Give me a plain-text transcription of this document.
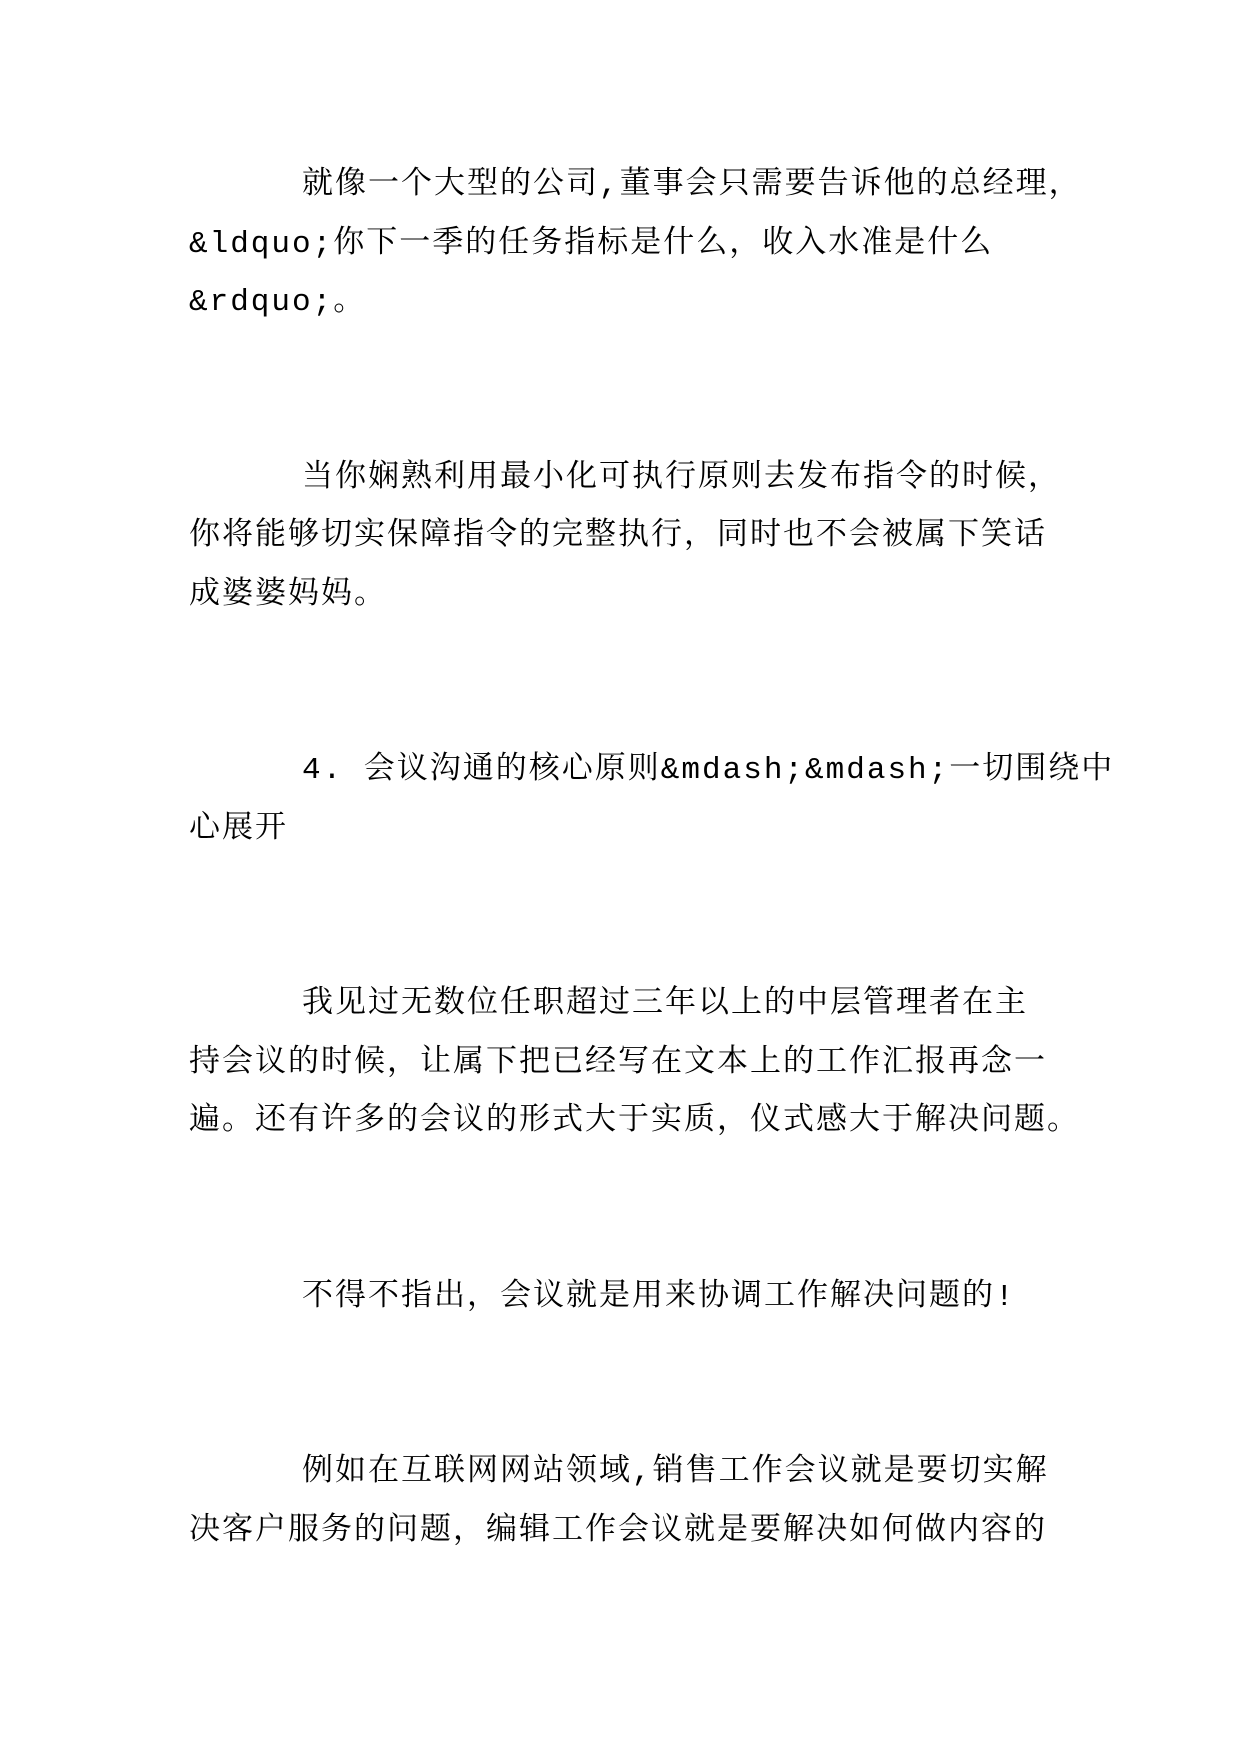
就像一个大型的公司,董事会只需要告诉他的总经理，
&ldquo;你下一季的任务指标是什么，收入水准是什么
&rdquo;。
当你娴熟利用最小化可执行原则去发布指令的时候，
你将能够切实保障指令的完整执行，同时也不会被属下笑话
成婆婆妈妈。
4. 会议沟通的核心原则&mdash;&mdash;一切围绕中
心展开
我见过无数位任职超过三年以上的中层管理者在主
持会议的时候，让属下把已经写在文本上的工作汇报再念一
遍。还有许多的会议的形式大于实质，仪式感大于解决问题。
不得不指出，会议就是用来协调工作解决问题的!
例如在互联网网站领域,销售工作会议就是要切实解
决客户服务的问题，编辑工作会议就是要解决如何做内容的
